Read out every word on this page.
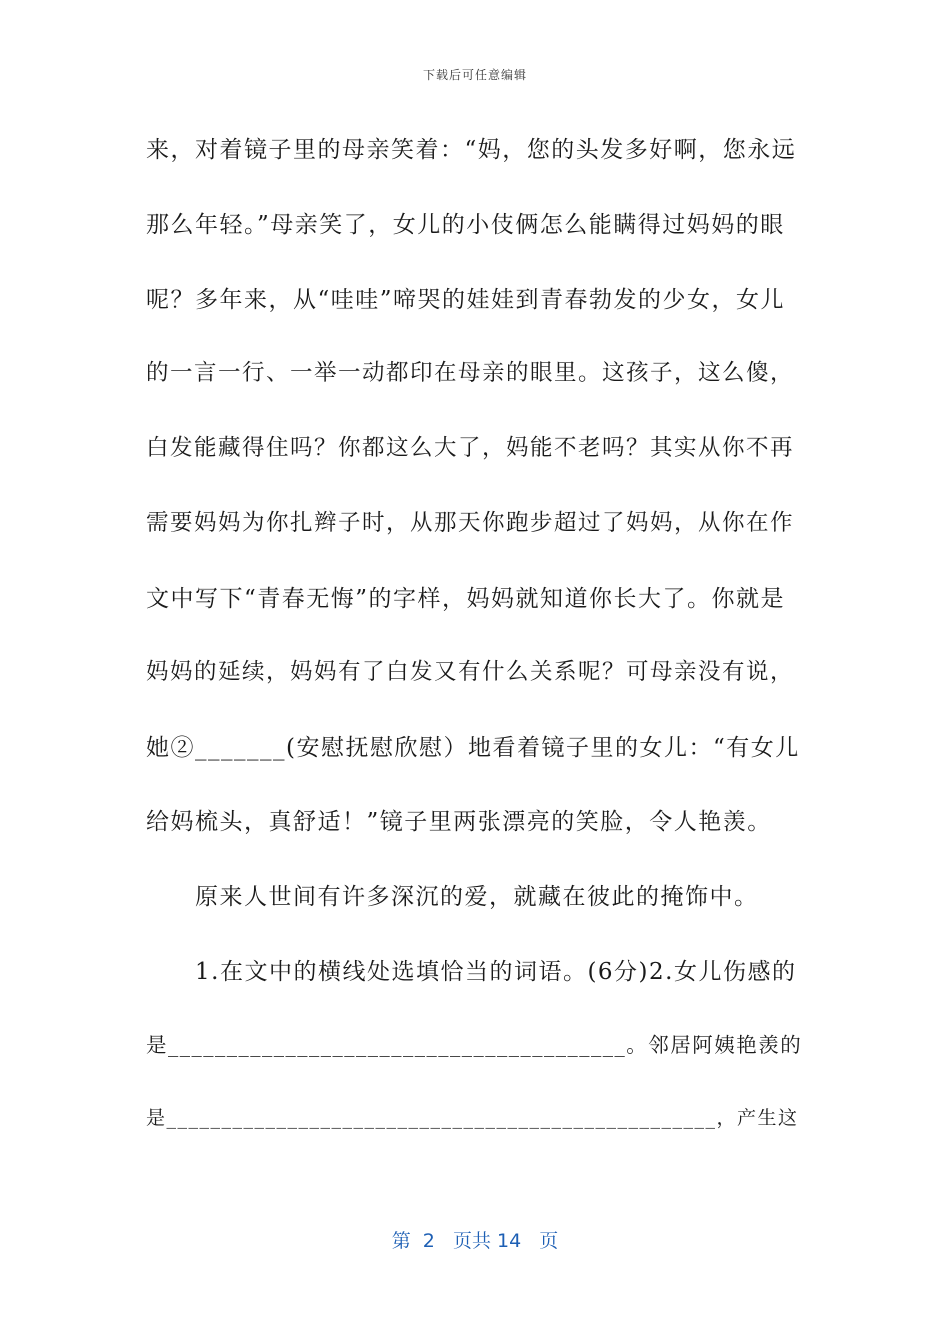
下载后可任意编辑
来，对着镜子里的母亲笑着：“妈，您的头发多好啊，您永远
那么年轻。”母亲笑了，女儿的小伎俩怎么能瞒得过妈妈的眼
呢？多年来，从“哇哇”啼哭的娃娃到青春勃发的少女，女儿
的一言一行、一举一动都印在母亲的眼里。这孩子，这么傻，
白发能藏得住吗？你都这么大了，妈能不老吗？其实从你不再
需要妈妈为你扎辫子时，从那天你跑步超过了妈妈，从你在作
文中写下“青春无悔”的字样，妈妈就知道你长大了。你就是
妈妈的延续，妈妈有了白发又有什么关系呢？可母亲没有说，
她②_______(安慰抚慰欣慰）地看着镜子里的女儿：“有女儿
给妈梳头，真舒适！”镜子里两张漂亮的笑脸，令人艳羡。
　　原来人世间有许多深沉的爱，就藏在彼此的掩饰中。
　　1.在文中的横线处选填恰当的词语。(6分)2.女儿伤感的
是_______________________________________。邻居阿姨艳羡的
是__________________________________________________，产生这
第  2   页共 14   页
